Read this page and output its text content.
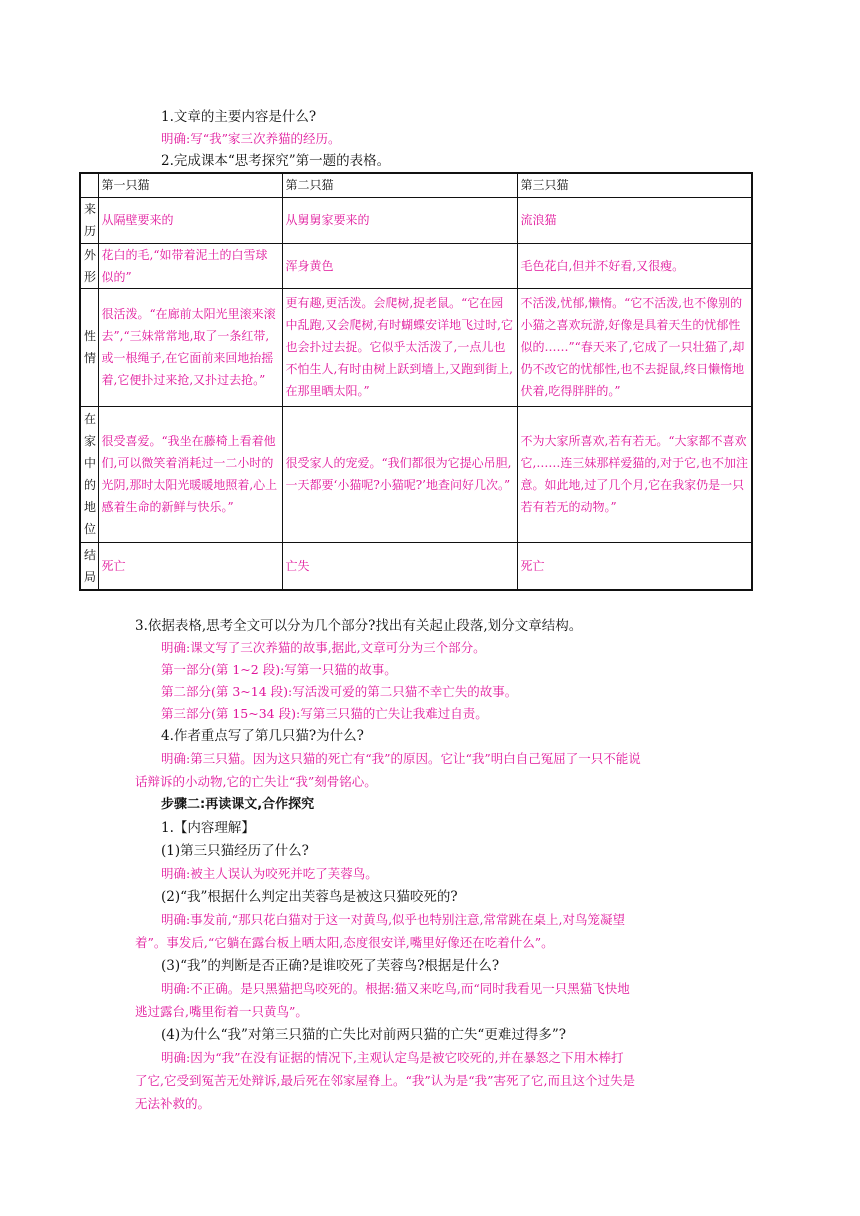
1.文章的主要内容是什么?
明确:写“我”家三次养猫的经历。
2.完成课本“思考探究”第一题的表格。
	第一只猫	第二只猫	第三只猫

来历	从隔壁要来的	从舅舅家要来的	流浪猫

外形	花白的毛,“如带着泥土的白雪球似的”	浑身黄色	毛色花白,但并不好看,又很瘦。

性情	很活泼。“在廊前太阳光里滚来滚去”,“三妹常常地,取了一条红带,或一根绳子,在它面前来回地抬摇着,它便扑过来抢,又扑过去抢。”	更有趣,更活泼。会爬树,捉老鼠。“它在园中乱跑,又会爬树,有时蝴蝶安详地飞过时,它也会扑过去捉。它似乎太活泼了,一点儿也不怕生人,有时由树上跃到墙上,又跑到街上,在那里晒太阳。”	不活泼,忧郁,懒惰。“它不活泼,也不像别的小猫之喜欢玩游,好像是具着天生的忧郁性似的……”“春天来了,它成了一只壮猫了,却仍不改它的忧郁性,也不去捉鼠,终日懒惰地伏着,吃得胖胖的。”

在家中的地位	很受喜爱。“我坐在藤椅上看着他们,可以微笑着消耗过一二小时的光阴,那时太阳光暖暖地照着,心上感着生命的新鲜与快乐。”	很受家人的宠爱。“我们都很为它提心吊胆,一天都要‘小猫呢?小猫呢?’地查问好几次。”	不为大家所喜欢,若有若无。“大家都不喜欢它,……连三妹那样爱猫的,对于它,也不加注意。如此地,过了几个月,它在我家仍是一只若有若无的动物。”

结局	死亡	亡失	死亡
3.依据表格,思考全文可以分为几个部分?找出有关起止段落,划分文章结构。
明确:课文写了三次养猫的故事,据此,文章可分为三个部分。
第一部分(第 1~2 段):写第一只猫的故事。
第二部分(第 3~14 段):写活泼可爱的第二只猫不幸亡失的故事。
第三部分(第 15~34 段):写第三只猫的亡失让我难过自责。
4.作者重点写了第几只猫?为什么?
明确:第三只猫。因为这只猫的死亡有“我”的原因。它让“我”明白自己冤屈了一只不能说
话辩诉的小动物,它的亡失让“我”刻骨铭心。
步骤二:再读课文,合作探究
1.【内容理解】
(1)第三只猫经历了什么?
明确:被主人误认为咬死并吃了芙蓉鸟。
(2)“我”根据什么判定出芙蓉鸟是被这只猫咬死的?
明确:事发前,“那只花白猫对于这一对黄鸟,似乎也特别注意,常常跳在桌上,对鸟笼凝望
着”。事发后,“它躺在露台板上晒太阳,态度很安详,嘴里好像还在吃着什么”。
(3)“我”的判断是否正确?是谁咬死了芙蓉鸟?根据是什么?
明确:不正确。是只黑猫把鸟咬死的。根据:猫又来吃鸟,而“同时我看见一只黑猫飞快地
逃过露台,嘴里衔着一只黄鸟”。
(4)为什么“我”对第三只猫的亡失比对前两只猫的亡失“更难过得多”?
明确:因为“我”在没有证据的情况下,主观认定鸟是被它咬死的,并在暴怒之下用木棒打
了它,它受到冤苦无处辩诉,最后死在邻家屋脊上。“我”认为是“我”害死了它,而且这个过失是
无法补救的。
